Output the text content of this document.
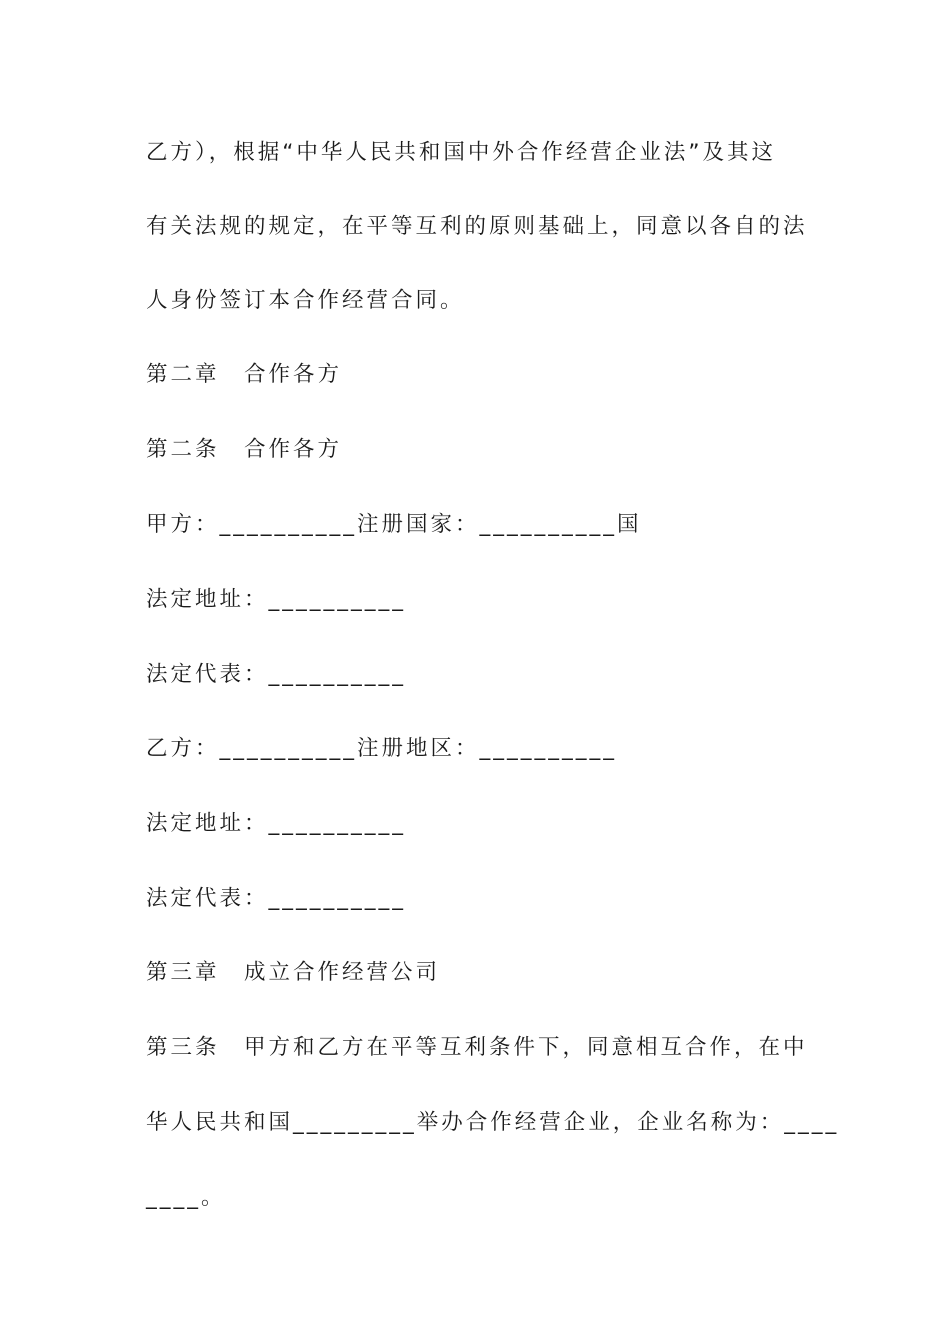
乙方），根据“中华人民共和国中外合作经营企业法”及其这
有关法规的规定，在平等互利的原则基础上，同意以各自的法
人身份签订本合作经营合同。
第二章　合作各方
第二条　合作各方
甲方：__________注册国家：__________国
法定地址：__________
法定代表：__________
乙方：__________注册地区：__________
法定地址：__________
法定代表：__________
第三章　成立合作经营公司
第三条　甲方和乙方在平等互利条件下，同意相互合作，在中
华人民共和国_________举办合作经营企业，企业名称为：____
____。
